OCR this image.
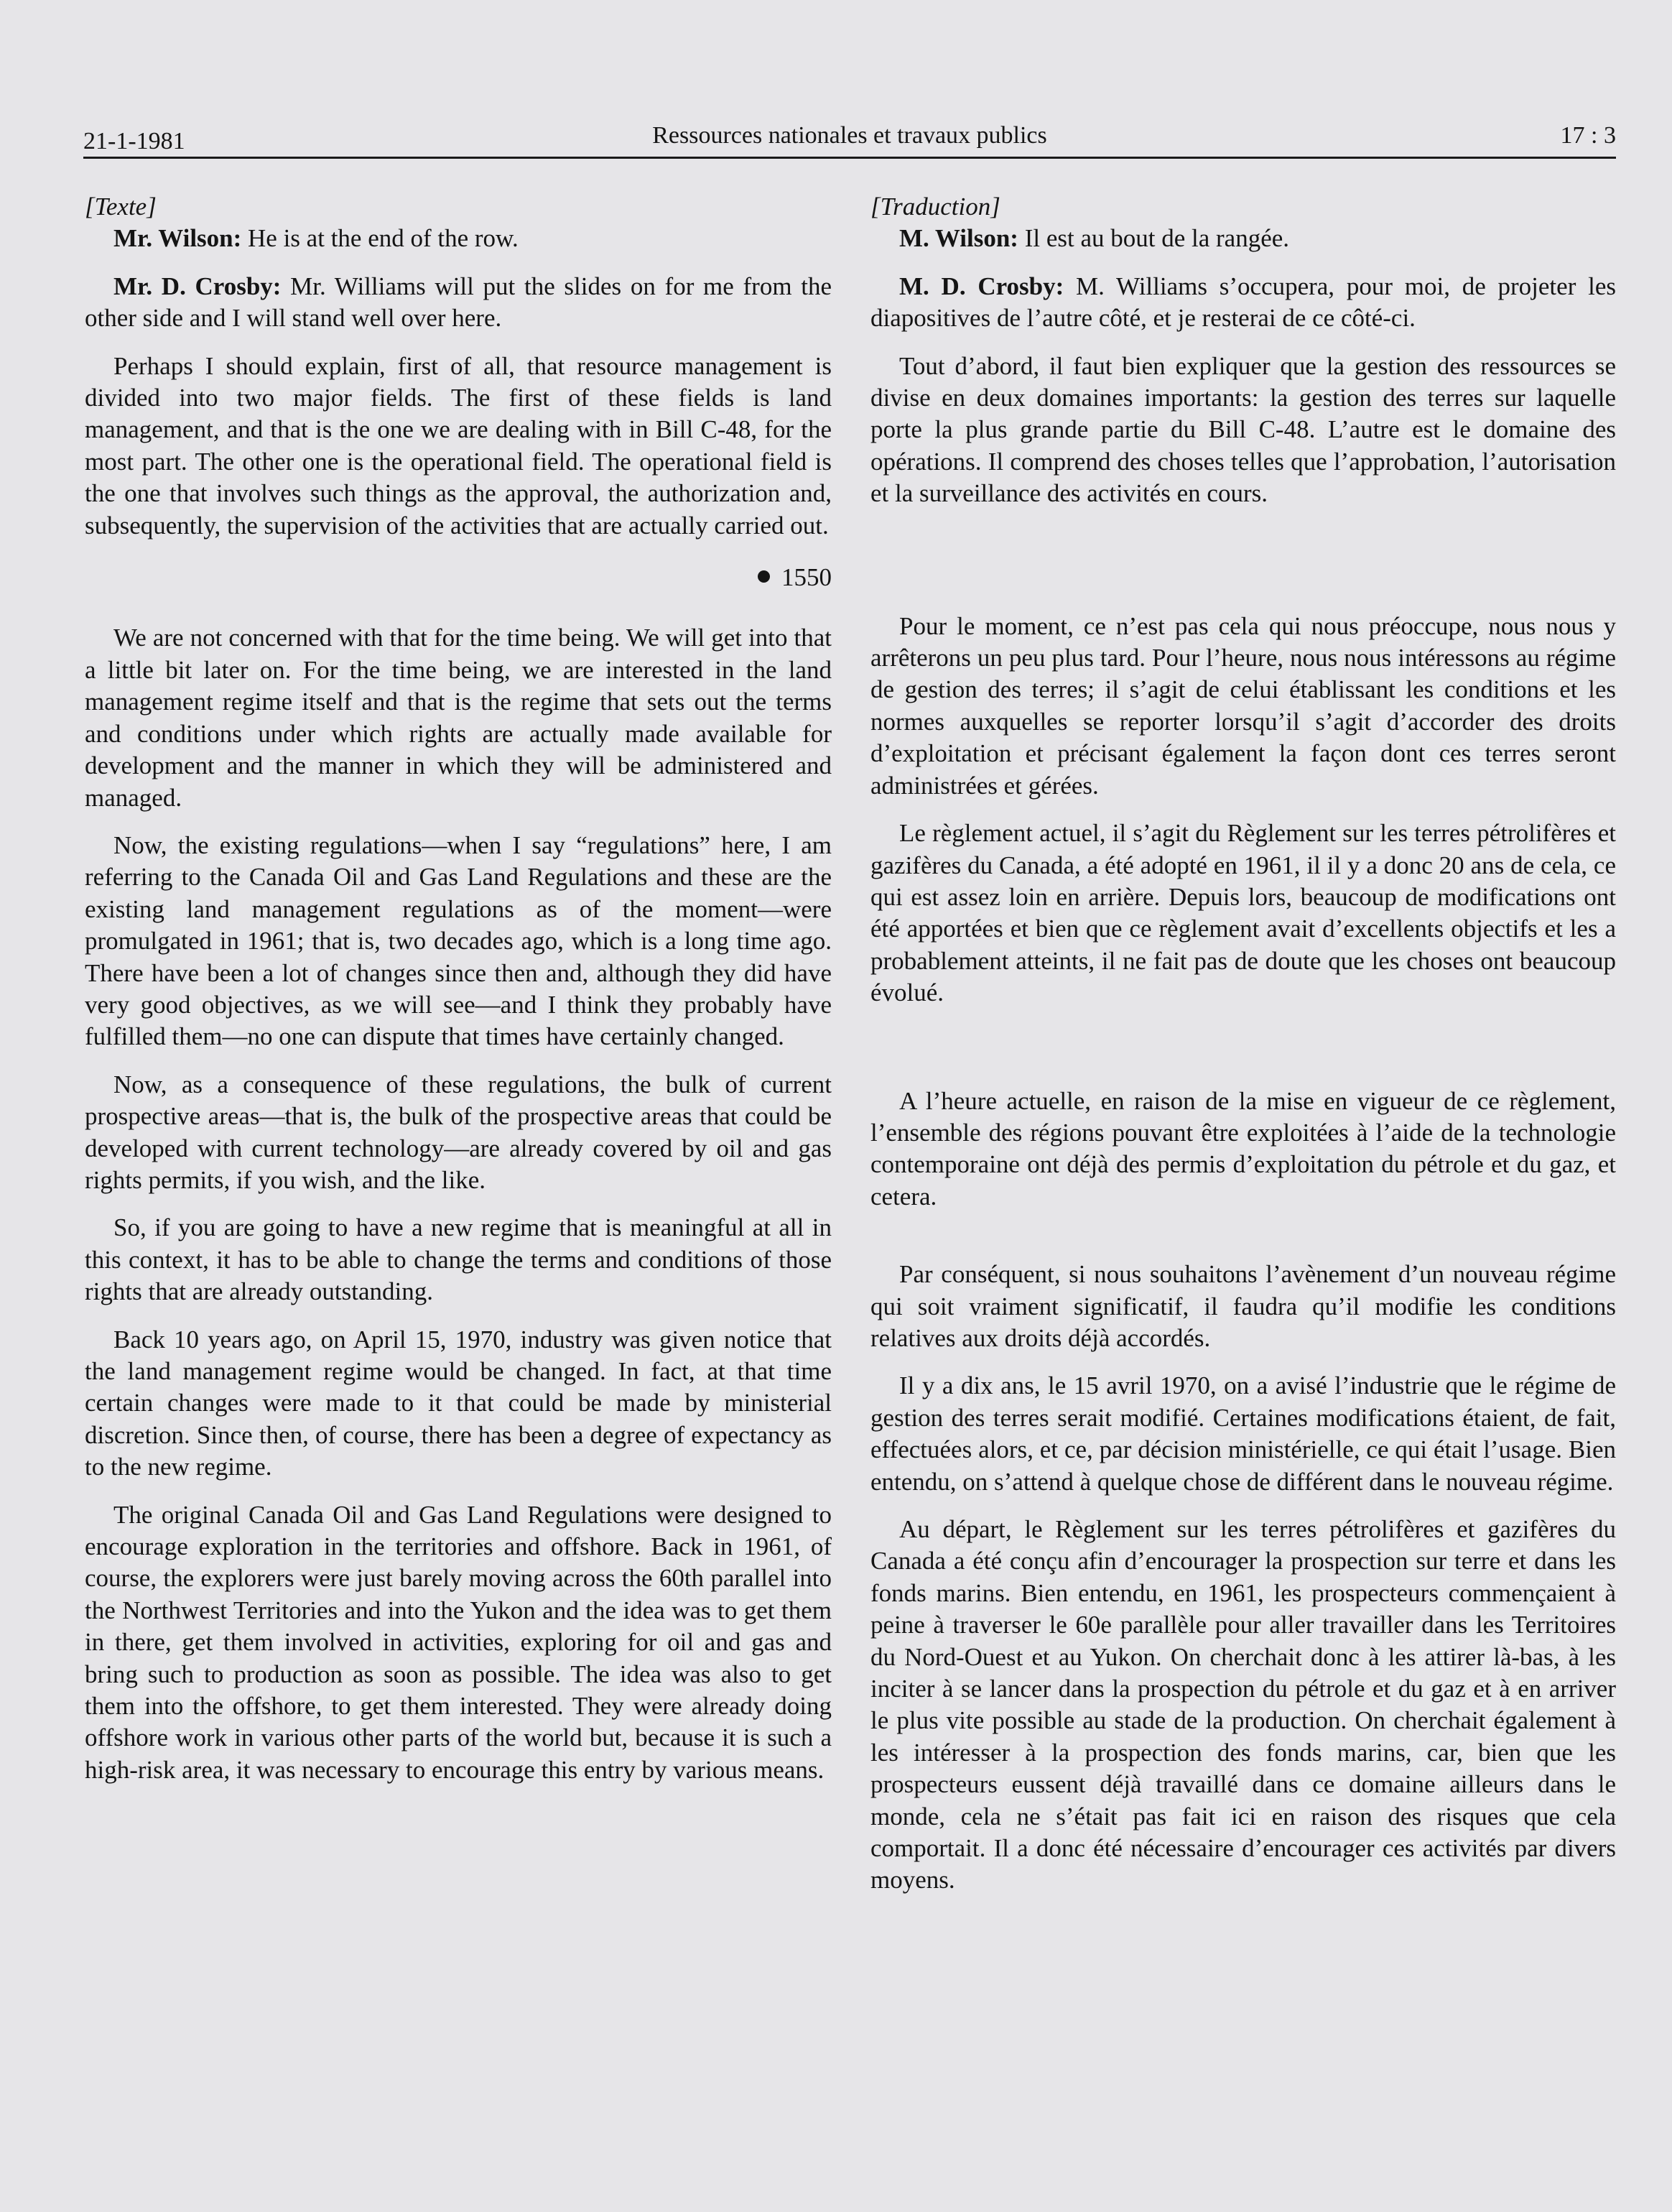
21-1-1981	Ressources nationales et travaux publics	17 : 3

[Texte]

Mr. Wilson: He is at the end of the row.

Mr. D. Crosby: Mr. Williams will put the slides on for me from the other side and I will stand well over here.

Perhaps I should explain, first of all, that resource management is divided into two major fields. The first of these fields is land management, and that is the one we are dealing with in Bill C-48, for the most part. The other one is the operational field. The operational field is the one that involves such things as the approval, the authorization and, subsequently, the supervision of the activities that are actually carried out.

1550

We are not concerned with that for the time being. We will get into that a little bit later on. For the time being, we are interested in the land management regime itself and that is the regime that sets out the terms and conditions under which rights are actually made available for development and the manner in which they will be administered and managed.

Now, the existing regulations—when I say “regulations” here, I am referring to the Canada Oil and Gas Land Regulations and these are the existing land management regulations as of the moment—were promulgated in 1961; that is, two decades ago, which is a long time ago. There have been a lot of changes since then and, although they did have very good objectives, as we will see—and I think they probably have fulfilled them—no one can dispute that times have certainly changed.

Now, as a consequence of these regulations, the bulk of current prospective areas—that is, the bulk of the prospective areas that could be developed with current technology—are already covered by oil and gas rights permits, if you wish, and the like.

So, if you are going to have a new regime that is meaningful at all in this context, it has to be able to change the terms and conditions of those rights that are already outstanding.

Back 10 years ago, on April 15, 1970, industry was given notice that the land management regime would be changed. In fact, at that time certain changes were made to it that could be made by ministerial discretion. Since then, of course, there has been a degree of expectancy as to the new regime.

The original Canada Oil and Gas Land Regulations were designed to encourage exploration in the territories and offshore. Back in 1961, of course, the explorers were just barely moving across the 60th parallel into the Northwest Territories and into the Yukon and the idea was to get them in there, get them involved in activities, exploring for oil and gas and bring such to production as soon as possible. The idea was also to get them into the offshore, to get them interested. They were already doing offshore work in various other parts of the world but, because it is such a high-risk area, it was necessary to encourage this entry by various means.

[Traduction]

M. Wilson: Il est au bout de la rangée.

M. D. Crosby: M. Williams s’occupera, pour moi, de projeter les diapositives de l’autre côté, et je resterai de ce côté-ci.

Tout d’abord, il faut bien expliquer que la gestion des ressources se divise en deux domaines importants: la gestion des terres sur laquelle porte la plus grande partie du Bill C-48. L’autre est le domaine des opérations. Il comprend des choses telles que l’approbation, l’autorisation et la surveillance des activités en cours.

Pour le moment, ce n’est pas cela qui nous préoccupe, nous nous y arrêterons un peu plus tard. Pour l’heure, nous nous intéressons au régime de gestion des terres; il s’agit de celui établissant les conditions et les normes auxquelles se reporter lorsqu’il s’agit d’accorder des droits d’exploitation et précisant également la façon dont ces terres seront administrées et gérées.

Le règlement actuel, il s’agit du Règlement sur les terres pétrolifères et gazifères du Canada, a été adopté en 1961, il il y a donc 20 ans de cela, ce qui est assez loin en arrière. Depuis lors, beaucoup de modifications ont été apportées et bien que ce règlement avait d’excellents objectifs et les a probablement atteints, il ne fait pas de doute que les choses ont beaucoup évolué.

A l’heure actuelle, en raison de la mise en vigueur de ce règlement, l’ensemble des régions pouvant être exploitées à l’aide de la technologie contemporaine ont déjà des permis d’exploitation du pétrole et du gaz, et cetera.

Par conséquent, si nous souhaitons l’avènement d’un nouveau régime qui soit vraiment significatif, il faudra qu’il modifie les conditions relatives aux droits déjà accordés.

Il y a dix ans, le 15 avril 1970, on a avisé l’industrie que le régime de gestion des terres serait modifié. Certaines modifications étaient, de fait, effectuées alors, et ce, par décision ministérielle, ce qui était l’usage. Bien entendu, on s’attend à quelque chose de différent dans le nouveau régime.

Au départ, le Règlement sur les terres pétrolifères et gazifères du Canada a été conçu afin d’encourager la prospection sur terre et dans les fonds marins. Bien entendu, en 1961, les prospecteurs commençaient à peine à traverser le 60e parallèle pour aller travailler dans les Territoires du Nord-Ouest et au Yukon. On cherchait donc à les attirer là-bas, à les inciter à se lancer dans la prospection du pétrole et du gaz et à en arriver le plus vite possible au stade de la production. On cherchait également à les intéresser à la prospection des fonds marins, car, bien que les prospecteurs eussent déjà travaillé dans ce domaine ailleurs dans le monde, cela ne s’était pas fait ici en raison des risques que cela comportait. Il a donc été nécessaire d’encourager ces activités par divers moyens.
